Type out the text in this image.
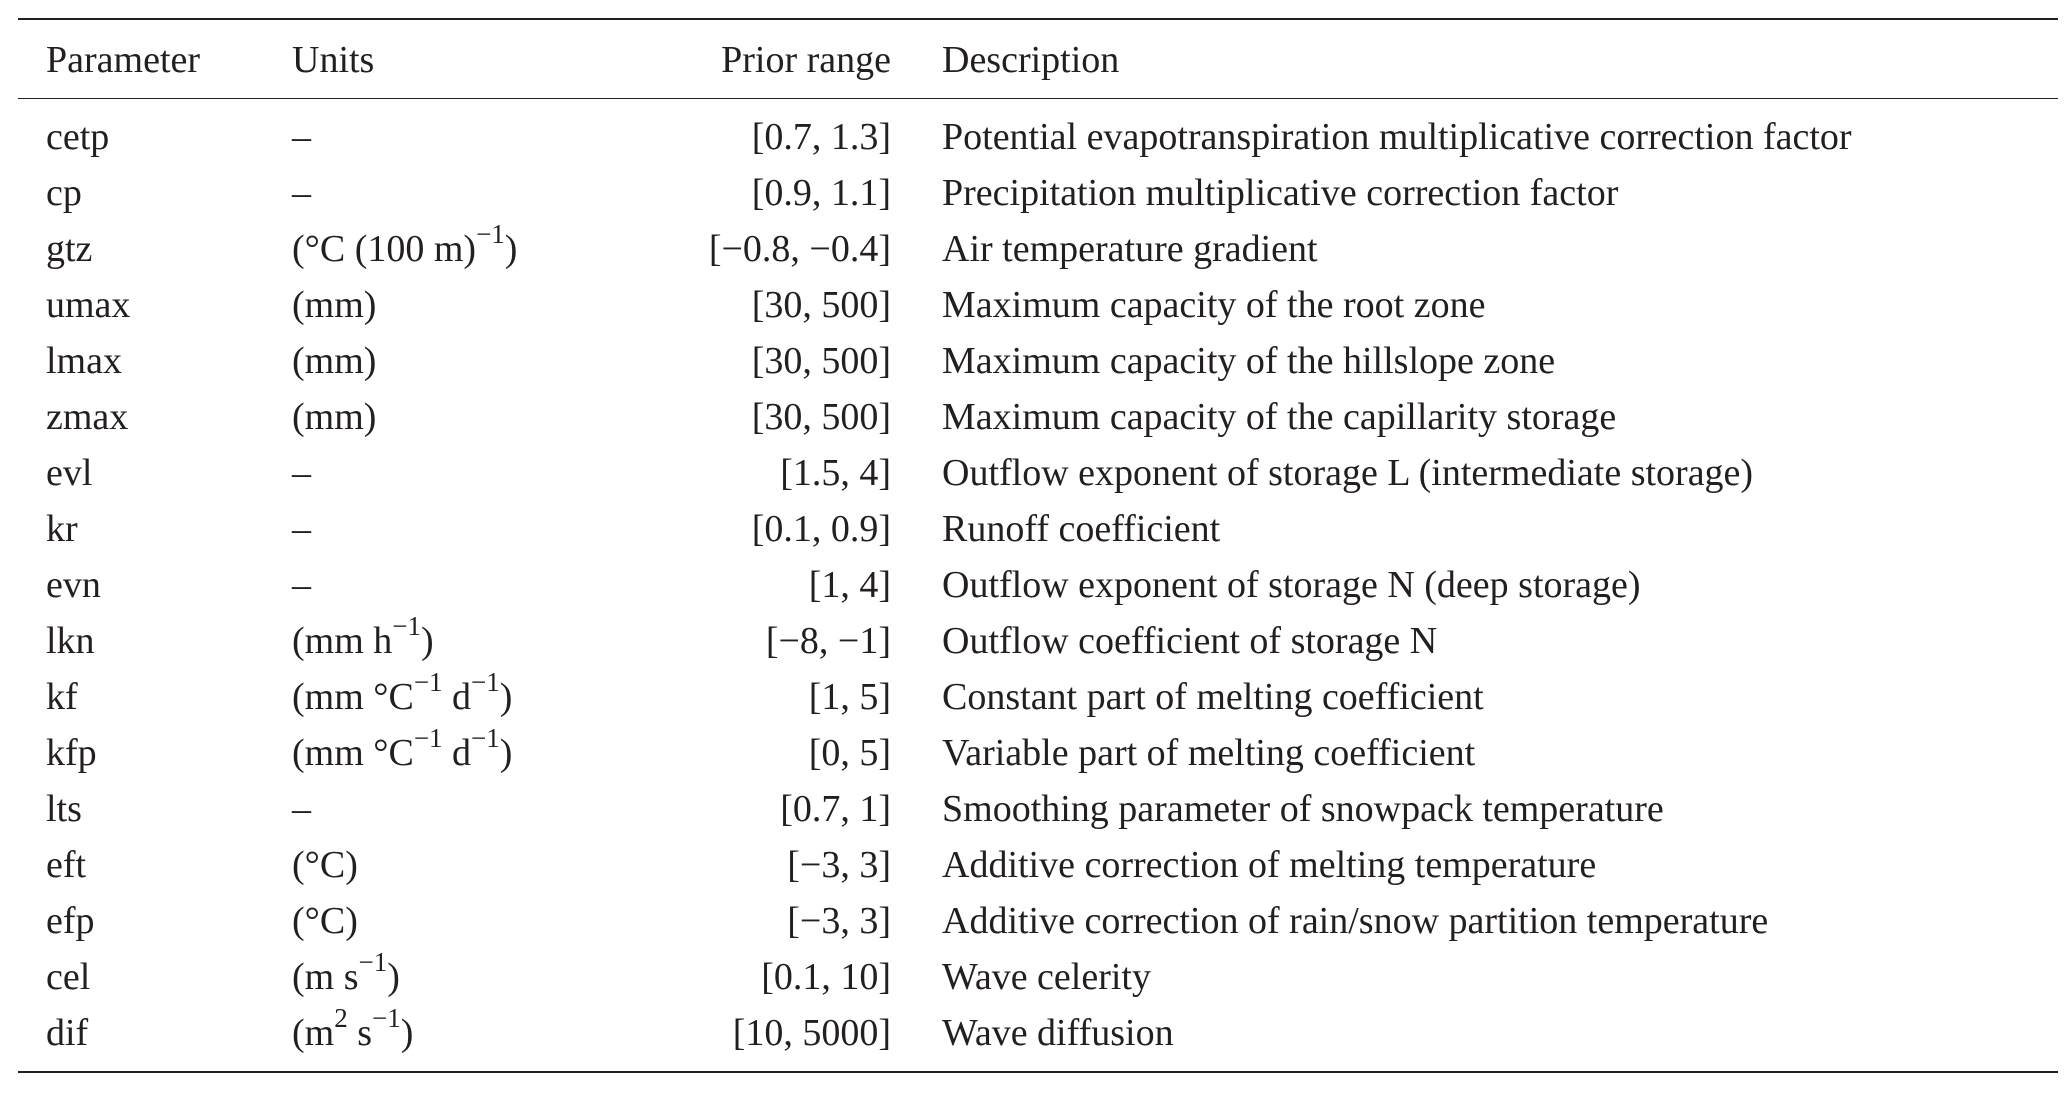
Parameter Units	Prior range Description
cetp	–	[0.7, 1.3] Potential evapotranspiration multiplicative correction factor
cp	–	[0.9, 1.1] Precipitation multiplicative correction factor
gtz	(°C (100 m)$^{-1}$)	[−0.8, −0.4] Air temperature gradient
umax	(mm)	[30, 500] Maximum capacity of the root zone
lmax	(mm)	[30, 500] Maximum capacity of the hillslope zone
zmax	(mm)	[30, 500] Maximum capacity of the capillarity storage
evl	–	[1.5, 4] Outflow exponent of storage L (intermediate storage)
kr	–	[0.1, 0.9] Runoff coefficient
evn	–	[1, 4] Outflow exponent of storage N (deep storage)
lkn	(mm $h^{-1}$)	[−8, −1] Outflow coefficient of storage N
kf	(mm $^\circ C^{-1}$ $d^{-1}$)	[1, 5] Constant part of melting coefficient
kfp	(mm $^\circ C^{-1}$ $d^{-1}$)	[0, 5] Variable part of melting coefficient
lts	–	[0.7, 1] Smoothing parameter of snowpack temperature
eft	(°C)	[−3, 3] Additive correction of melting temperature
efp	(°C)	[−3, 3] Additive correction of rain/snow partition temperature
cel	(m $s^{-1}$)	[0.1, 10] Wave celerity
dif	($m^2$ $s^{-1}$)	[10, 5000] Wave diffusion
